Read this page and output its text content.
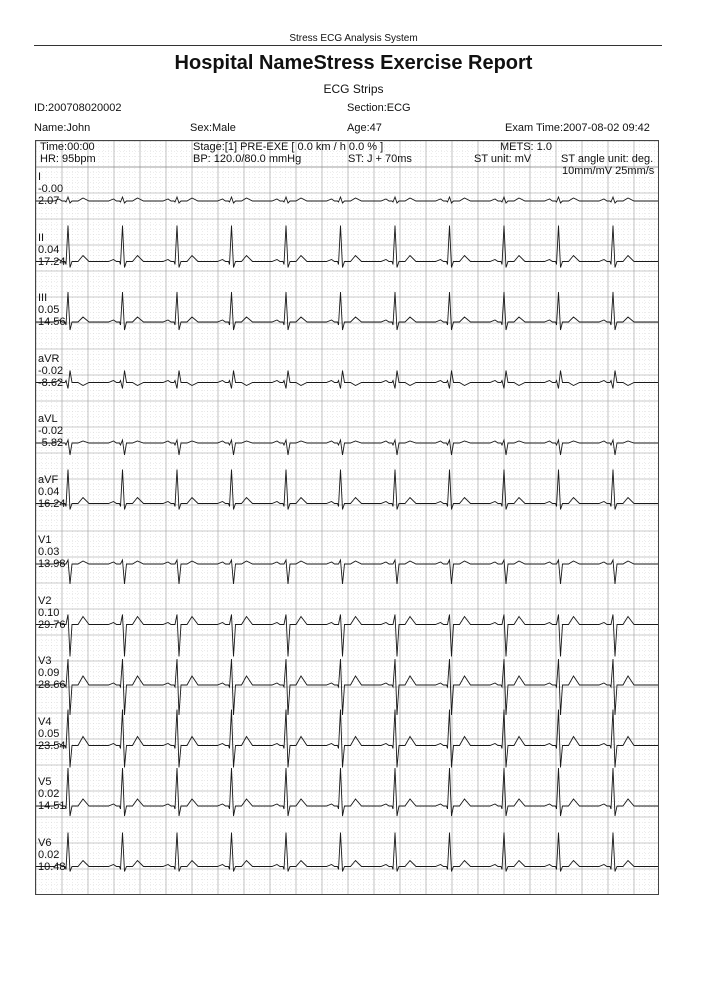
Stress ECG Analysis System
Hospital NameStress Exercise Report
ECG Strips
ID:200708020002	Section:ECG
Name:John	Sex:Male	Age:47	Exam Time:2007-08-02 09:42
Time:00:00
HR: 95bpm
Stage:[1] PRE-EXE [ 0.0 km / h 0.0 % ]
BP: 120.0/80.0 mmHg	ST: J + 70ms
METS: 1.0
ST unit: mV	ST angle unit: deg.
10mm/mV 25mm/s
I
-0.00
2.07
II
0.04
17.24
III
0.05
14.56
aVR
-0.02
-8.62
aVL
-0.02
-5.82
aVF
0.04
16.24
V1
0.03
13.98
V2
0.10
29.76
V3
0.09
28.66
V4
0.05
23.54
V5
0.02
14.51
V6
0.02
10.48
